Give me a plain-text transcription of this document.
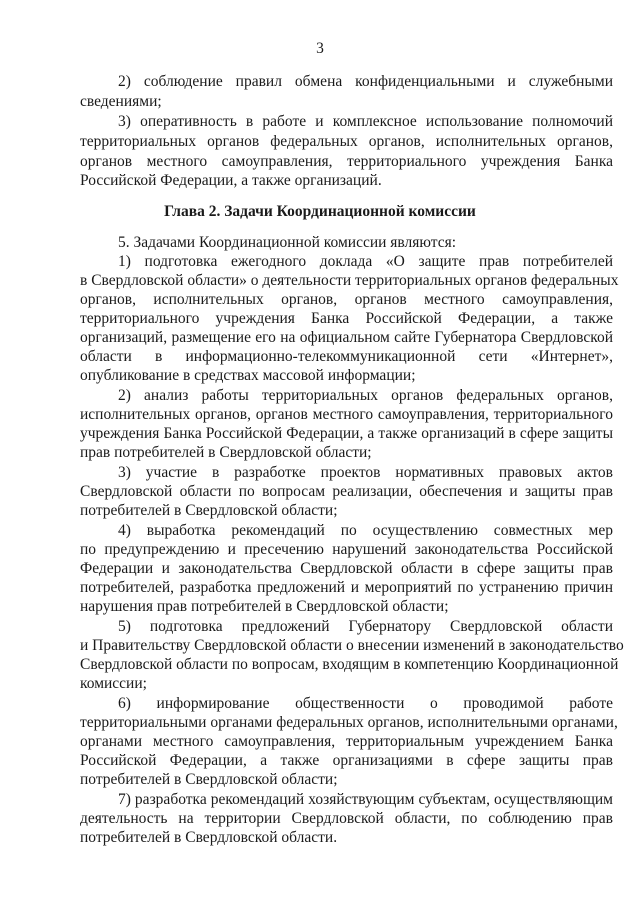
3
2) соблюдение правил обмена конфиденциальными и служебными
сведениями;
3) оперативность в работе и комплексное использование полномочий
территориальных органов федеральных органов, исполнительных органов,
органов местного самоуправления, территориального учреждения Банка
Российской Федерации, а также организаций.
Глава 2. Задачи Координационной комиссии
5. Задачами Координационной комиссии являются:
1) подготовка ежегодного доклада «О защите прав потребителей
в Свердловской области» о деятельности территориальных органов федеральных
органов, исполнительных органов, органов местного самоуправления,
территориального учреждения Банка Российской Федерации, а также
организаций, размещение его на официальном сайте Губернатора Свердловской
области в информационно-телекоммуникационной сети «Интернет»,
опубликование в средствах массовой информации;
2) анализ работы территориальных органов федеральных органов,
исполнительных органов, органов местного самоуправления, территориального
учреждения Банка Российской Федерации, а также организаций в сфере защиты
прав потребителей в Свердловской области;
3) участие в разработке проектов нормативных правовых актов
Свердловской области по вопросам реализации, обеспечения и защиты прав
потребителей в Свердловской области;
4) выработка рекомендаций по осуществлению совместных мер
по предупреждению и пресечению нарушений законодательства Российской
Федерации и законодательства Свердловской области в сфере защиты прав
потребителей, разработка предложений и мероприятий по устранению причин
нарушения прав потребителей в Свердловской области;
5) подготовка предложений Губернатору Свердловской области
и Правительству Свердловской области о внесении изменений в законодательство
Свердловской области по вопросам, входящим в компетенцию Координационной
комиссии;
6) информирование общественности о проводимой работе
территориальными органами федеральных органов, исполнительными органами,
органами местного самоуправления, территориальным учреждением Банка
Российской Федерации, а также организациями в сфере защиты прав
потребителей в Свердловской области;
7) разработка рекомендаций хозяйствующим субъектам, осуществляющим
деятельность на территории Свердловской области, по соблюдению прав
потребителей в Свердловской области.
